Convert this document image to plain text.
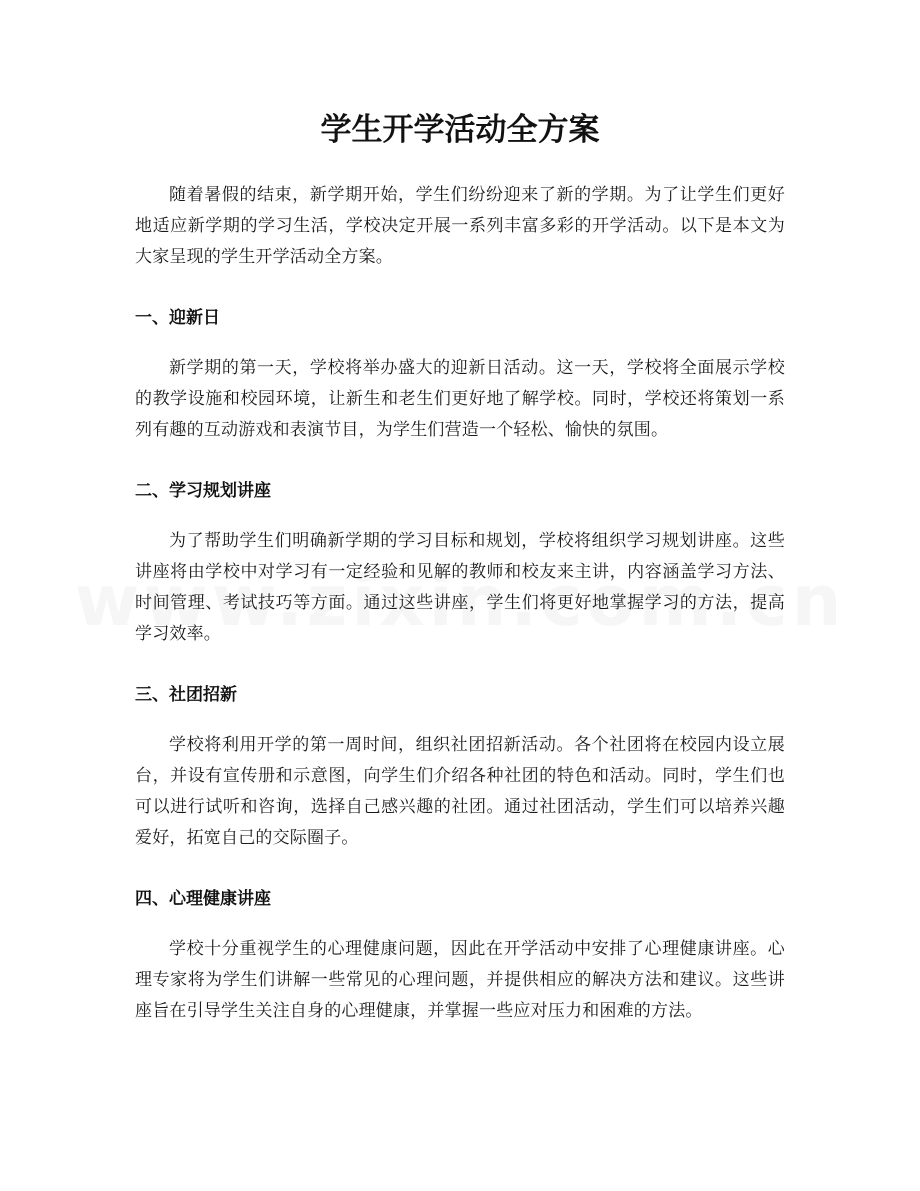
学生开学活动全方案

随着暑假的结束，新学期开始，学生们纷纷迎来了新的学期。为了让学生们更好地适应新学期的学习生活，学校决定开展一系列丰富多彩的开学活动。以下是本文为大家呈现的学生开学活动全方案。

一、迎新日

新学期的第一天，学校将举办盛大的迎新日活动。这一天，学校将全面展示学校的教学设施和校园环境，让新生和老生们更好地了解学校。同时，学校还将策划一系列有趣的互动游戏和表演节目，为学生们营造一个轻松、愉快的氛围。

二、学习规划讲座

为了帮助学生们明确新学期的学习目标和规划，学校将组织学习规划讲座。这些讲座将由学校中对学习有一定经验和见解的教师和校友来主讲，内容涵盖学习方法、时间管理、考试技巧等方面。通过这些讲座，学生们将更好地掌握学习的方法，提高学习效率。

三、社团招新

学校将利用开学的第一周时间，组织社团招新活动。各个社团将在校园内设立展台，并设有宣传册和示意图，向学生们介绍各种社团的特色和活动。同时，学生们也可以进行试听和咨询，选择自己感兴趣的社团。通过社团活动，学生们可以培养兴趣爱好，拓宽自己的交际圈子。

四、心理健康讲座

学校十分重视学生的心理健康问题，因此在开学活动中安排了心理健康讲座。心理专家将为学生们讲解一些常见的心理问题，并提供相应的解决方法和建议。这些讲座旨在引导学生关注自身的心理健康，并掌握一些应对压力和困难的方法。
